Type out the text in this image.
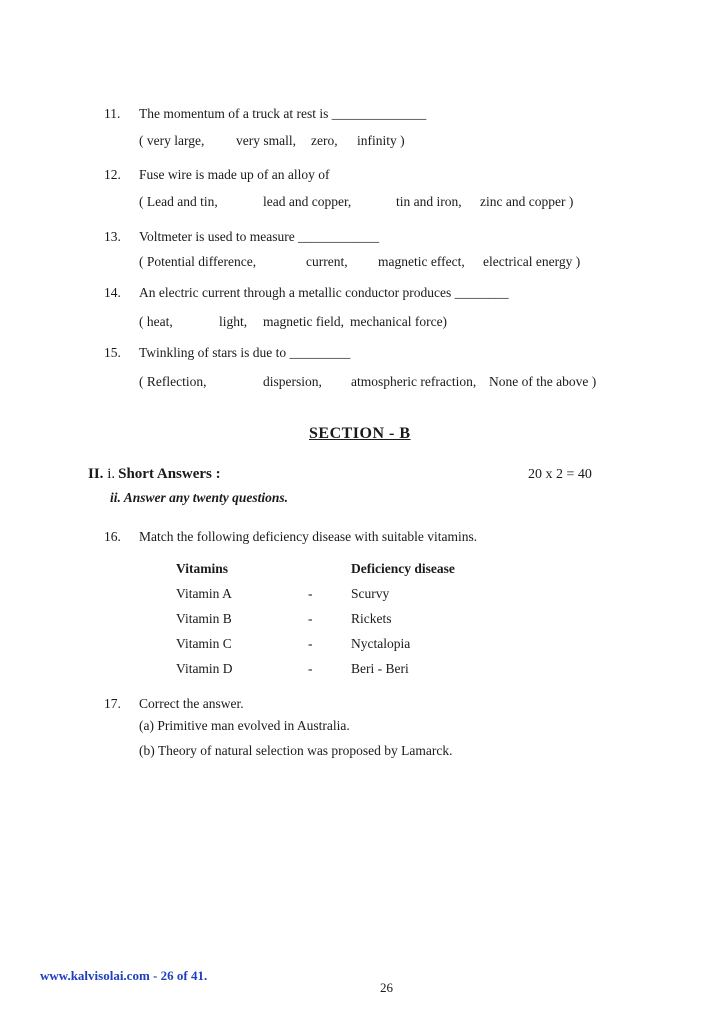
11. The momentum of a truck at rest is ______________
( very large, very small, zero, infinity )
12. Fuse wire is made up of an alloy of
( Lead and tin,	lead and copper,	tin and iron, zinc and copper )
13. Voltmeter is used to measure ____________
( Potential difference,	current, magnetic effect, electrical energy )
14. An electric current through a metallic conductor produces ________
( heat,	light, magnetic field, mechanical force)
15. Twinkling of stars is due to _________
( Reflection,	dispersion, atmospheric refraction, None of the above )
SECTION - B
II. i. Short Answers :	20 x 2 = 40
ii. Answer any twenty questions.
16. Match the following deficiency disease with suitable vitamins.
Vitamins	Deficiency disease
Vitamin A	-	Scurvy
Vitamin B	-	Rickets
Vitamin C	-	Nyctalopia
Vitamin D	-	Beri - Beri
17. Correct the answer.
(a) Primitive man evolved in Australia.
(b) Theory of natural selection was proposed by Lamarck.
www.kalvisolai.com - 26 of 41.
26
